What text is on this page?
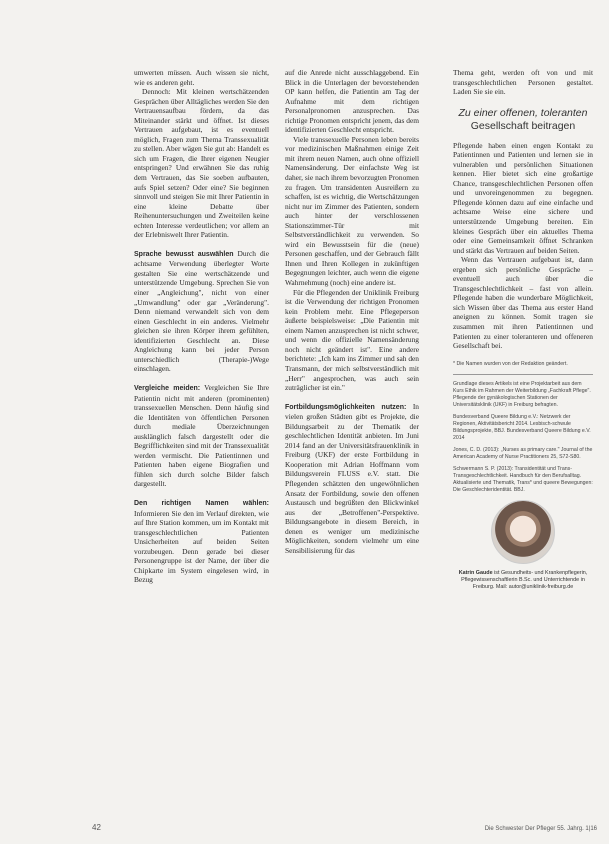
umwerten müssen. Auch wissen sie nicht, wie es anderen geht.

Dennoch: Mit kleinen wertschätzenden Gesprächen über Alltägliches werden Sie den Vertrauensaufbau fördern, da das Miteinander stärkt und öffnet. Ist dieses Vertrauen aufgebaut, ist es eventuell möglich, Fragen zum Thema Transsexualität zu stellen. Aber wägen Sie gut ab: Handelt es sich um Fragen, die Ihrer eigenen Neugier entspringen? Und erwähnen Sie das ruhig dem Vertrauen, das Sie soeben aufbauten, aufs Spiel setzen? Oder eine? Sie beginnen sinnvoll und steigen Sie mit Ihrer Patientin in eine kleine Debatte über Reihenuntersuchungen und Zweiteilen keine echten Interesse verdeutlichen; vor allem an der Erlebniswelt Ihrer Patientin.

Sprache bewusst auswählen Durch die achtsame Verwendung überlegter Worte gestalten Sie eine wertschätzende und unterstützende Umgebung. Sprechen Sie von einer „Angleichung", nicht von einer „Umwandlung" oder gar „Veränderung". Denn niemand verwandelt sich von dem einen Geschlecht in ein anderes. Vielmehr gleichen sie ihren Körper ihrem gefühlten, identifizierten Geschlecht an. Diese Angleichung kann bei jeder Person unterschiedlich (Therapie-)Wege einschlagen.

Vergleiche meiden: Vergleichen Sie Ihre Patientin nicht mit anderen (prominenten) transsexuellen Menschen. Denn häufig sind die Identitäten von öffentlichen Personen durch mediale Überzeichnungen ausklänglich falsch dargestellt oder die Begrifflichkeiten sind mit der Transsexualität werden vermischt. Die Patientinnen und Patienten haben eigene Biografien und fühlen sich durch solche Bilder falsch dargestellt.

Den richtigen Namen wählen: Informieren Sie den im Verlauf direkten, wie auf Ihre Station kommen, um im Kontakt mit transgeschlechtlichen Patienten Unsicherheiten auf beiden Seiten vorzubeugen. Denn gerade bei dieser Personengruppe ist der Name, der über die Chipkarte im System eingelesen wird, in Bezug

auf die Anrede nicht ausschlaggebend. Ein Blick in die Unterlagen der bevorstehenden OP kann helfen, die Patientin am Tag der Aufnahme mit dem richtigen Personalpronomen anzusprechen. Das richtige Pronomen entspricht jenem, das dem identifizierten Geschlecht entspricht.

Viele transsexuelle Personen leben bereits vor medizinischen Maßnahmen einige Zeit mit ihrem neuen Namen, auch ohne offiziell Namensänderung. Der einfachste Weg ist daher, sie nach ihrem bevorzugten Pronomen zu fragen. Um transidenten Ausreißern zu schaffen, ist es wichtig, die Wertschätzungen nicht nur im Zimmer des Patienten, sondern auch hinter der verschlossenen Stationszimmer-Tür mit Selbstverständlichkeit zu verwenden. So wird ein Bewusstsein für die (neue) Personen geschaffen, und der Gebrauch fällt Ihnen und Ihren Kollegen in zukünftigen Begegnungen leichter, auch wenn die eigene Wahrnehmung (noch) eine andere ist.

Für die Pflegenden der Uniklinik Freiburg ist die Verwendung der richtigen Pronomen kein Problem mehr. Eine Pflegeperson äußerte beispielsweise: „Die Patientin mit einem Namen anzusprechen ist nicht schwer, und wenn die offizielle Namensänderung noch nicht geändert ist". Eine andere berichtete: „Ich kam ins Zimmer und sah den Transmann, der mich selbstverständlich mit „Herr" angesprochen, was auch sein zuträglicher ist ein."

Fortbildungsmöglichkeiten nutzen: In vielen großen Städten gibt es Projekte, die Bildungsarbeit zu der Thematik der geschlechtlichen Identität anbieten. Im Juni 2014 fand an der Universitätsfrauenklinik in Freiburg (UKF) der erste Fortbildung in Kooperation mit Adrian Hoffmann vom Bildungsverein FLUSS e.V. statt. Die Pflegenden schätzten den ungewöhnlichen Ansatz der Fortbildung, sowie den offenen Austausch und begrüßten den Blickwinkel aus der „Betroffenen"-Perspektive. Bildungsangebote in diesem Bereich, in denen es weniger um medizinische Möglichkeiten, sondern vielmehr um eine Sensibilisierung für das

Thema geht, werden oft von und mit transgeschlechtlichen Personen gestaltet. Laden Sie sie ein.

Zu einer offenen, toleranten
Gesellschaft beitragen

Pflegende haben einen engen Kontakt zu Patientinnen und Patienten und lernen sie in vulnerablen und persönlichen Situationen kennen. Hier bietet sich eine großartige Chance, transgeschlechtlichen Personen offen und unvoreingenommen zu begegnen. Pflegende können dazu auf eine einfache und achtsame Weise eine sichere und unterstützende Umgebung bereiten. Ein kleines Gespräch über ein aktuelles Thema oder eine Gemeinsamkeit öffnet Schranken und stärkt das Vertrauen auf beiden Seiten.

Wenn das Vertrauen aufgebaut ist, dann ergeben sich persönliche Gespräche – eventuell auch über die Transgeschlechtlichkeit – fast von allein. Pflegende haben die wunderbare Möglichkeit, sich Wissen über das Thema aus erster Hand aneignen zu können. Somit tragen sie zusammen mit ihren Patientinnen und Patienten zu einer toleranteren und offeneren Gesellschaft bei.

* Die Namen wurden von der Redaktion geändert.

Grundlage dieses Artikels ist eine Projektarbeit aus dem Kurs Ethik im Rahmen der Weiterbildung „Fachkraft Pflege". Pflegende der gynäkologischen Stationen der Universitätsklinik (UKF) in Freiburg befragten.

Bundesverband Queere Bildung e.V.: Netzwerk der Regionen, Aktivitätsbericht 2014. Lesbisch-schwule Bildungsprojekte, BBJ. Bundesverband Queere Bildung e.V. 2014

Jones, C. D. (2013): „Nurses as primary care." Journal of the American Academy of Nurse Practitioners 25, S72-S80.

Schwermann S. P. (2013): Transidentität und Trans-Transgeschlechtlichkeit. Handbuch für den Berufsalltag. Aktualisierte und Thematik, Trans* und queere Bewegungen: Die Geschlechteridentität. BBJ.

Katrin Gaude ist Gesundheits- und Krankenpflegerin, Pflegewissenschaftlerin B.Sc. und Unterrichtende in Freiburg. Mail: autor@uniklinik-freiburg.de
42	Die Schwester Der Pfleger 55. Jahrg. 1|16
